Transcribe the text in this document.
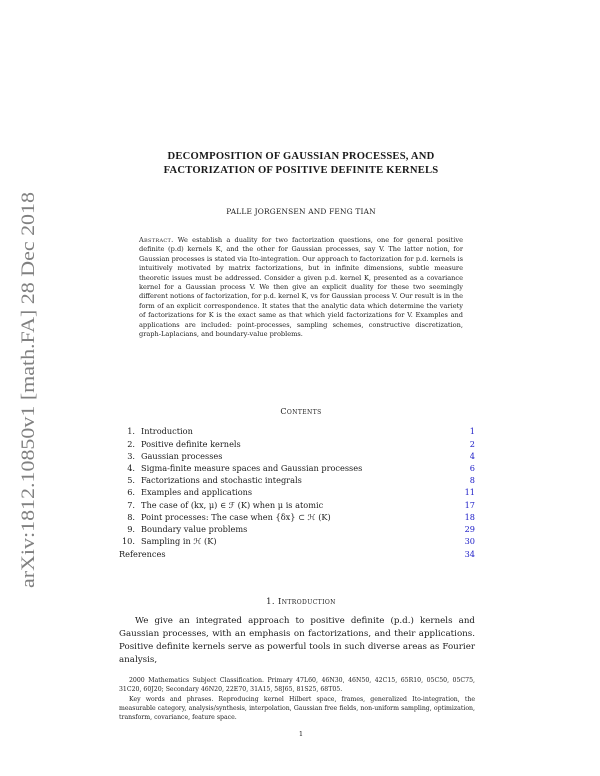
arXiv:1812.10850v1 [math.FA] 28 Dec 2018
DECOMPOSITION OF GAUSSIAN PROCESSES, AND
FACTORIZATION OF POSITIVE DEFINITE KERNELS
PALLE JORGENSEN AND FENG TIAN
Abstract. We establish a duality for two factorization questions, one for general positive definite (p.d) kernels K, and the other for Gaussian processes, say V. The latter notion, for Gaussian processes is stated via Ito-integration. Our approach to factorization for p.d. kernels is intuitively motivated by matrix factorizations, but in infinite dimensions, subtle measure theoretic issues must be addressed. Consider a given p.d. kernel K, presented as a covariance kernel for a Gaussian process V. We then give an explicit duality for these two seemingly different notions of factorization, for p.d. kernel K, vs for Gaussian process V. Our result is in the form of an explicit correspondence. It states that the analytic data which determine the variety of factorizations for K is the exact same as that which yield factorizations for V. Examples and applications are included: point-processes, sampling schemes, constructive discretization, graph-Laplacians, and boundary-value problems.
Contents
1. Introduction	1
2. Positive definite kernels	2
3. Gaussian processes	4
4. Sigma-finite measure spaces and Gaussian processes	6
5. Factorizations and stochastic integrals	8
6. Examples and applications	11
7. The case of (kx, μ) ∈ ℱ (K) when μ is atomic	17
8. Point processes: The case when {δx} ⊂ ℋ (K)	18
9. Boundary value problems	29
10. Sampling in ℋ (K)	30
References	34
1. Introduction
We give an integrated approach to positive definite (p.d.) kernels and Gaussian processes, with an emphasis on factorizations, and their applications. Positive definite kernels serve as powerful tools in such diverse areas as Fourier analysis,

2000 Mathematics Subject Classification. Primary 47L60, 46N30, 46N50, 42C15, 65R10, 05C50, 05C75, 31C20, 60J20; Secondary 46N20, 22E70, 31A15, 58J65, 81S25, 68T05.

Key words and phrases. Reproducing kernel Hilbert space, frames, generalized Ito-integration, the measurable category, analysis/synthesis, interpolation, Gaussian free fields, non-uniform sampling, optimization, transform, covariance, feature space.

1
